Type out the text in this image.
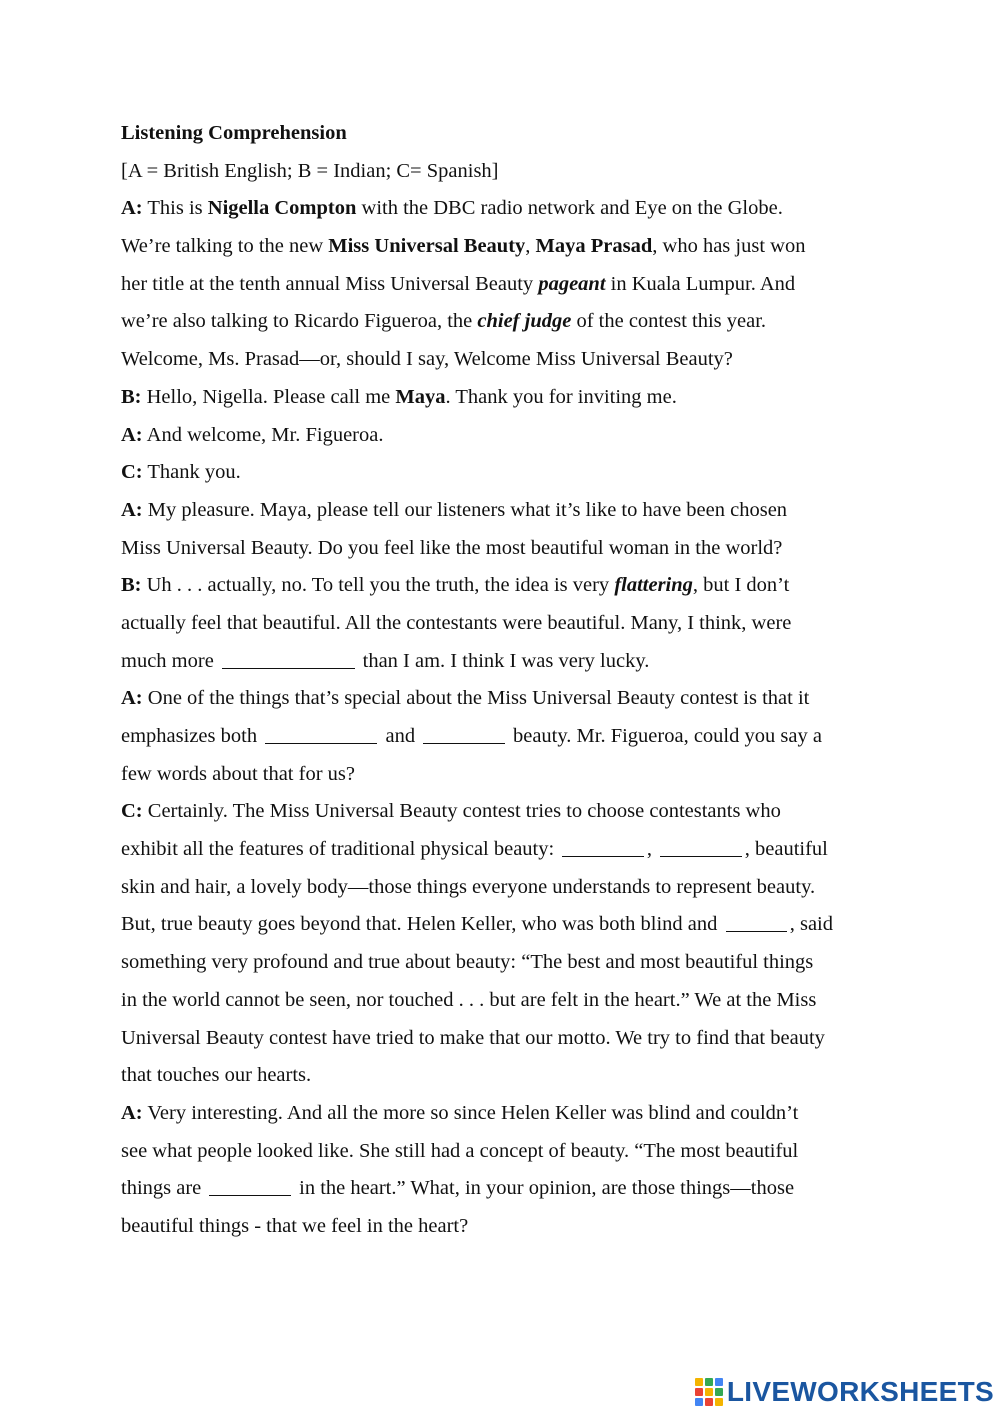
Listening Comprehension
[A = British English; B = Indian; C= Spanish]
A: This is Nigella Compton with the DBC radio network and Eye on the Globe.
We’re talking to the new Miss Universal Beauty, Maya Prasad, who has just won
her title at the tenth annual Miss Universal Beauty pageant in Kuala Lumpur. And
we’re also talking to Ricardo Figueroa, the chief judge of the contest this year.
Welcome, Ms. Prasad—or, should I say, Welcome Miss Universal Beauty?
B: Hello, Nigella. Please call me Maya. Thank you for inviting me.
A: And welcome, Mr. Figueroa.
C: Thank you.
A: My pleasure. Maya, please tell our listeners what it’s like to have been chosen
Miss Universal Beauty. Do you feel like the most beautiful woman in the world?
B: Uh . . . actually, no. To tell you the truth, the idea is very flattering, but I don’t
actually feel that beautiful. All the contestants were beautiful. Many, I think, were
much more	than I am. I think I was very lucky.
A: One of the things that’s special about the Miss Universal Beauty contest is that it
emphasizes both	and	beauty. Mr. Figueroa, could you say a
few words about that for us?
C: Certainly. The Miss Universal Beauty contest tries to choose contestants who
exhibit all the features of traditional physical beauty:	,	, beautiful
skin and hair, a lovely body—those things everyone understands to represent beauty.
But, true beauty goes beyond that. Helen Keller, who was both blind and	, said
something very profound and true about beauty: “The best and most beautiful things
in the world cannot be seen, nor touched . . . but are felt in the heart.” We at the Miss
Universal Beauty contest have tried to make that our motto. We try to find that beauty
that touches our hearts.
A: Very interesting. And all the more so since Helen Keller was blind and couldn’t
see what people looked like. She still had a concept of beauty. “The most beautiful
things are	in the heart.” What, in your opinion, are those things—those
beautiful things - that we feel in the heart?
LIVEWORKSHEETS
